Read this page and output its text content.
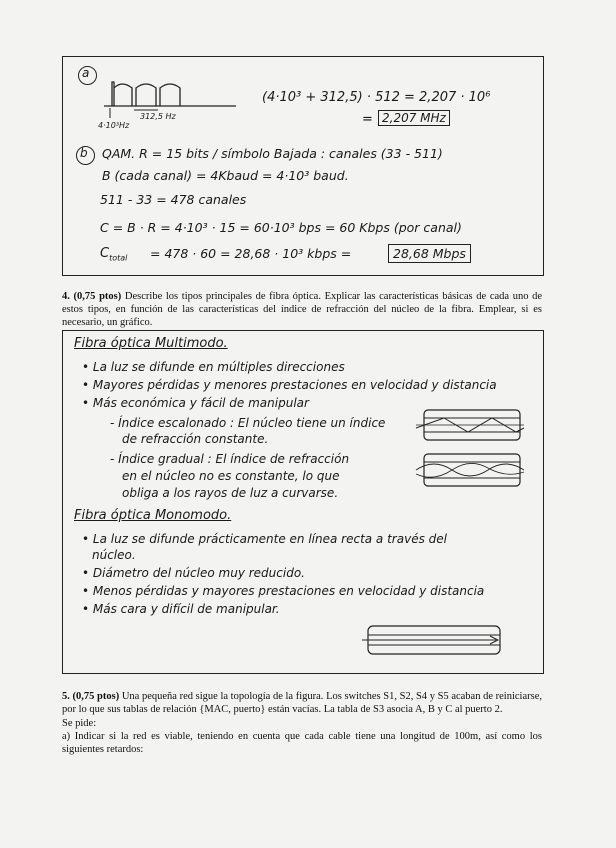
a
4·10³Hz
312,5 Hz
(4·10³ + 312,5) · 512 = 2,207 · 10⁶
= 2,207 MHz
b QAM. R = 15 bits / símbolo Bajada : canales (33 - 511)
B (cada canal) = 4Kbaud = 4·10³ baud.
511 - 33 = 478 canales
C = B · R = 4·10³ · 15 = 60·10³ bps = 60 Kbps (por canal)
$C_{total} = 478 \cdot 60 = 28,68 \cdot 10^3$ kbps =	28,68 Mbps
4. (0,75 ptos) Describe los tipos principales de fibra óptica. Explicar las características básicas de cada uno de estos tipos, en función de las características del índice de refracción del núcleo de la fibra. Emplear, si es necesario, un gráfico.
Fibra óptica Multimodo.
• La luz se difunde en múltiples direcciones
• Mayores pérdidas y menores prestaciones en velocidad y distancia
• Más económica y fácil de manipular
- Índice escalonado : El núcleo tiene un índice
de refracción constante.
- Índice gradual : El índice de refracción
en el núcleo no es constante, lo que
obliga a los rayos de luz a curvarse.
Fibra óptica Monomodo.
• La luz se difunde prácticamente en línea recta a través del
núcleo.
• Diámetro del núcleo muy reducido.
• Menos pérdidas y mayores prestaciones en velocidad y distancia
• Más cara y difícil de manipular.
5. (0,75 ptos) Una pequeña red sigue la topología de la figura. Los switches S1, S2, S4 y S5 acaban de reiniciarse, por lo que sus tablas de relación {MAC, puerto} están vacías. La tabla de S3 asocia A, B y C al puerto 2.
Se pide:
a) Indicar si la red es viable, teniendo en cuenta que cada cable tiene una longitud de 100m, así como los siguientes retardos:
